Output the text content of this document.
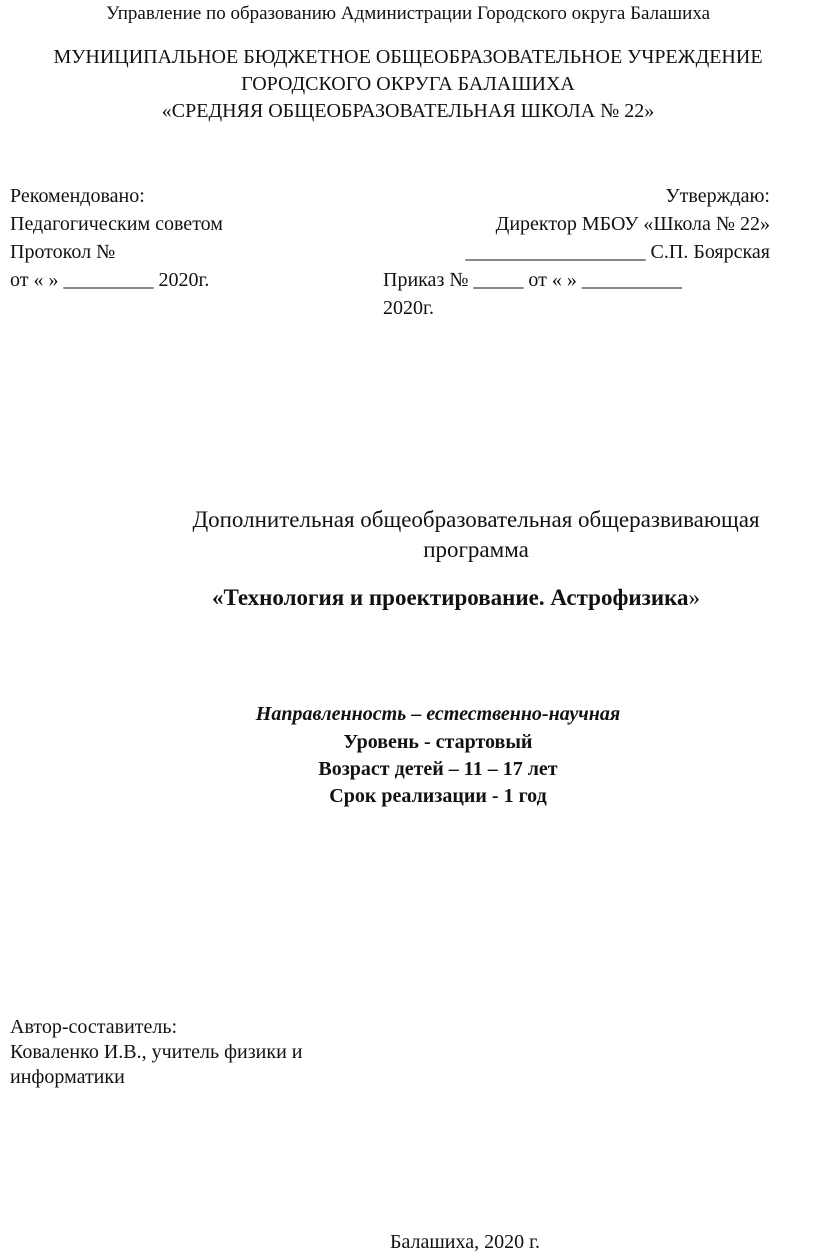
Управление по образованию Администрации Городского округа Балашиха
МУНИЦИПАЛЬНОЕ БЮДЖЕТНОЕ ОБЩЕОБРАЗОВАТЕЛЬНОЕ УЧРЕЖДЕНИЕ
ГОРОДСКОГО ОКРУГА БАЛАШИХА
«СРЕДНЯЯ ОБЩЕОБРАЗОВАТЕЛЬНАЯ ШКОЛА № 22»
Рекомендовано:
Педагогическим советом
Протокол №
от « » _________ 2020г.
Утверждаю:
Директор МБОУ «Школа № 22»
__________________ С.П. Боярская
Приказ № _____ от « » __________
2020г.
Дополнительная общеобразовательная общеразвивающая
программа
«Технология и проектирование. Астрофизика»
Направленность – естественно-научная
Уровень - стартовый
Возраст детей – 11 – 17 лет
Срок реализации - 1 год
Автор-составитель:
Коваленко И.В., учитель физики и
информатики
Балашиха, 2020 г.
